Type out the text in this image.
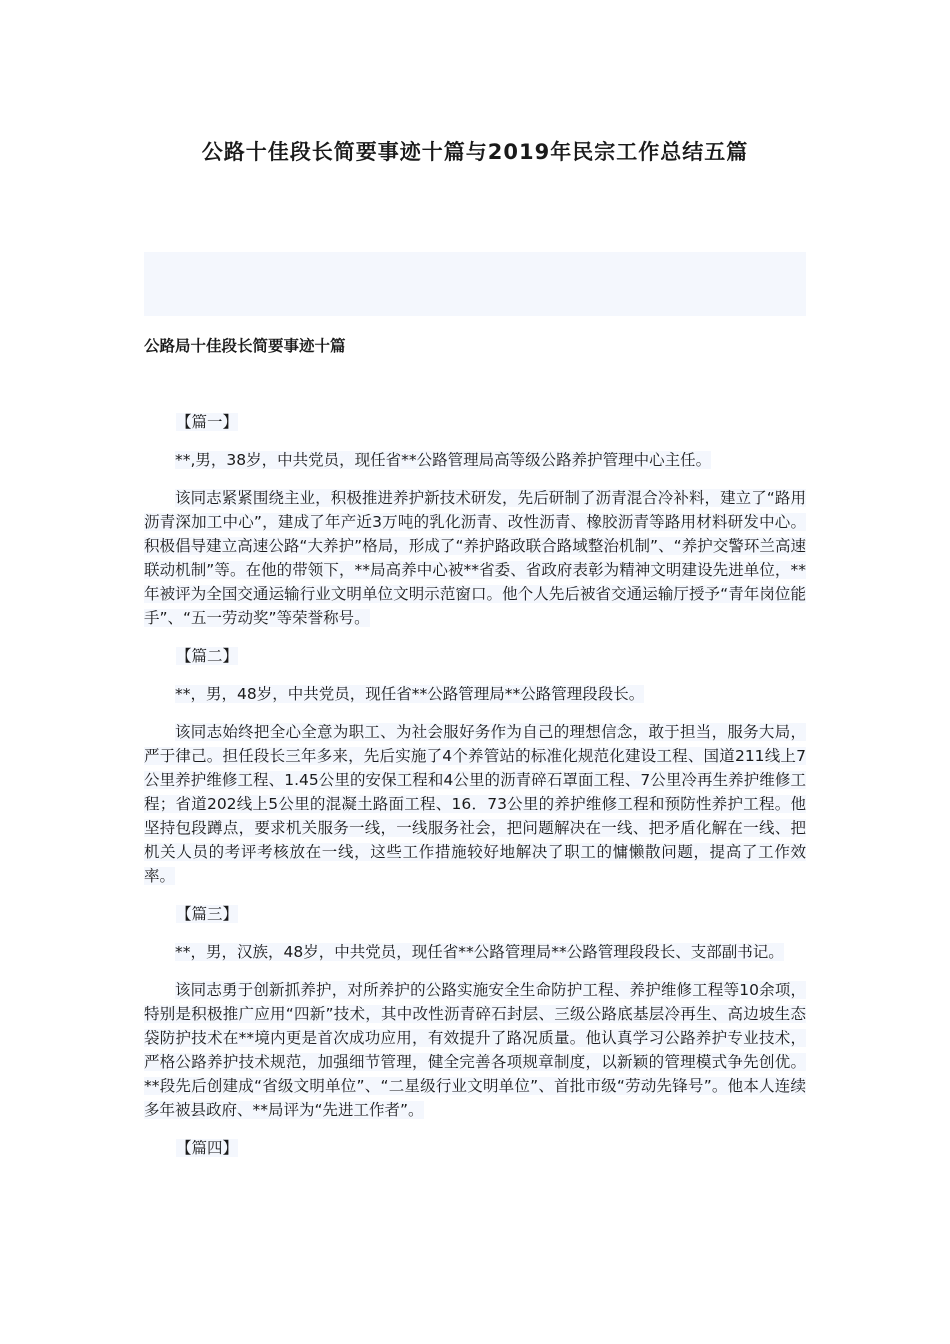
公路十佳段长简要事迹十篇与2019年民宗工作总结五篇
公路局十佳段长简要事迹十篇

【篇一】

**,男，38岁，中共党员，现任省**公路管理局高等级公路养护管理中心主任。

该同志紧紧围绕主业，积极推进养护新技术研发，先后研制了沥青混合冷补料，建立了“路用沥青深加工中心”，建成了年产近3万吨的乳化沥青、改性沥青、橡胶沥青等路用材料研发中心。积极倡导建立高速公路“大养护”格局，形成了“养护路政联合路域整治机制”、“养护交警环兰高速联动机制”等。在他的带领下，**局高养中心被**省委、省政府表彰为精神文明建设先进单位，**年被评为全国交通运输行业文明单位文明示范窗口。他个人先后被省交通运输厅授予“青年岗位能手”、“五一劳动奖”等荣誉称号。

【篇二】

**，男，48岁，中共党员，现任省**公路管理局**公路管理段段长。

该同志始终把全心全意为职工、为社会服好务作为自己的理想信念，敢于担当，服务大局，严于律己。担任段长三年多来，先后实施了4个养管站的标准化规范化建设工程、国道211线上7公里养护维修工程、1.45公里的安保工程和4公里的沥青碎石罩面工程、7公里冷再生养护维修工程；省道202线上5公里的混凝土路面工程、16．73公里的养护维修工程和预防性养护工程。他坚持包段蹲点，要求机关服务一线，一线服务社会，把问题解决在一线、把矛盾化解在一线、把机关人员的考评考核放在一线，这些工作措施较好地解决了职工的慵懒散问题，提高了工作效率。

【篇三】

**，男，汉族，48岁，中共党员，现任省**公路管理局**公路管理段段长、支部副书记。

该同志勇于创新抓养护，对所养护的公路实施安全生命防护工程、养护维修工程等10余项，特别是积极推广应用“四新”技术，其中改性沥青碎石封层、三级公路底基层冷再生、高边坡生态袋防护技术在**境内更是首次成功应用，有效提升了路况质量。他认真学习公路养护专业技术，严格公路养护技术规范，加强细节管理，健全完善各项规章制度，以新颖的管理模式争先创优。**段先后创建成“省级文明单位”、“二星级行业文明单位”、首批市级“劳动先锋号”。他本人连续多年被县政府、**局评为“先进工作者”。

【篇四】
